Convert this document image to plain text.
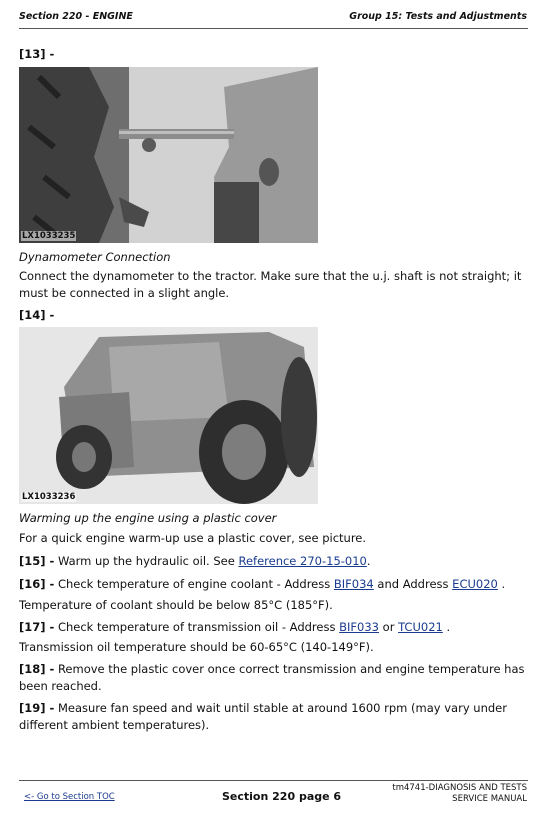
Section 220 - ENGINE	Group 15: Tests and Adjustments
[13] -
LX1033235
Dynamometer Connection
Connect the dynamometer to the tractor. Make sure that the u.j. shaft is not straight; it must be connected in a slight angle.
[14] -
LX1033236
Warming up the engine using a plastic cover
For a quick engine warm-up use a plastic cover, see picture.
[15] - Warm up the hydraulic oil. See Reference 270-15-010.
[16] - Check temperature of engine coolant - Address BIF034 and Address ECU020 .
Temperature of coolant should be below 85°C (185°F).
[17] - Check temperature of transmission oil - Address BIF033 or TCU021 .
Transmission oil temperature should be 60-65°C (140-149°F).
[18] - Remove the plastic cover once correct transmission and engine temperature has been reached.
[19] - Measure fan speed and wait until stable at around 1600 rpm (may vary under different ambient temperatures).
<- Go to Section TOC	Section 220 page 6
tm4741-DIAGNOSIS AND TESTS
SERVICE MANUAL
